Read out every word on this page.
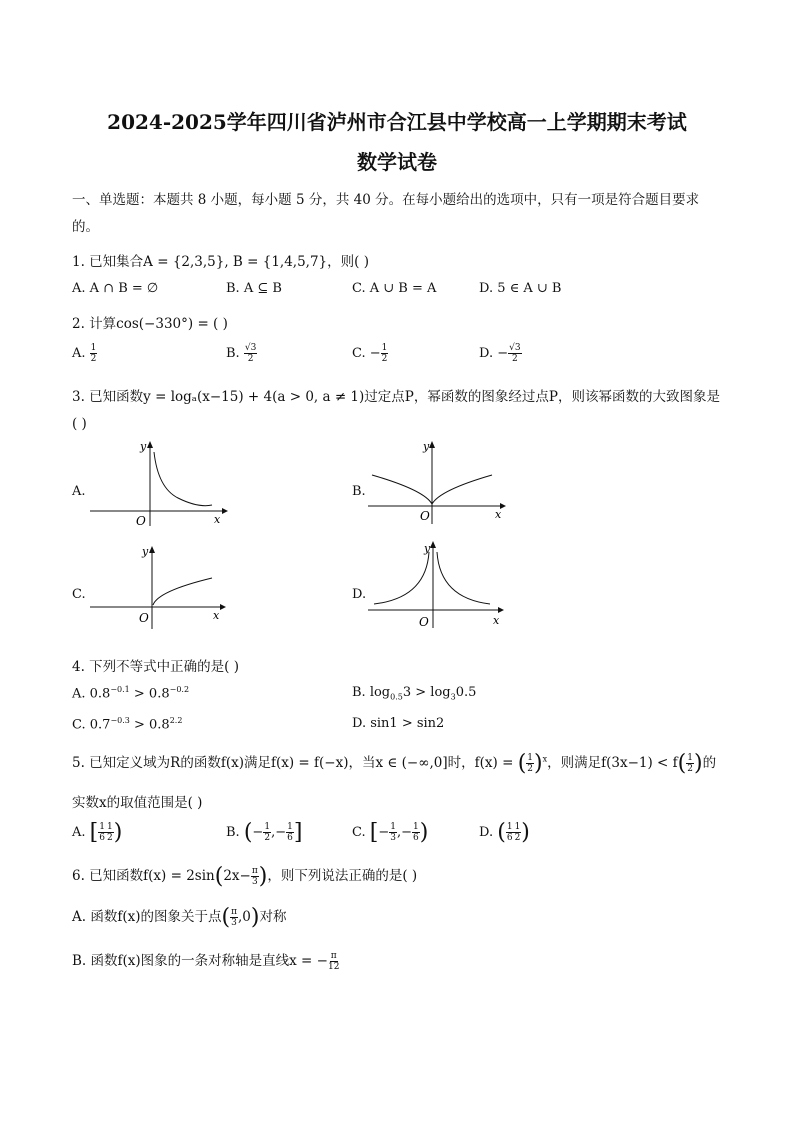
2024-2025学年四川省泸州市合江县中学校高一上学期期末考试
数学试卷
一、单选题：本题共 8 小题，每小题 5 分，共 40 分。在每小题给出的选项中，只有一项是符合题目要求
的。
1. 已知集合A = {2,3,5}, B = {1,4,5,7}，则( )
A. A ∩ B = ∅	B. A ⊆ B	C. A ∪ B = A	D. 5 ∈ A ∪ B
2. 计算cos(−330°) = ( )
A. $\frac{1}{2}$	B. $\frac{√3}{2}$	C. − $\frac{1}{2}$	D. − $\frac{√3}{2}$
3. 已知函数y = logₐ(x−15) + 4(a > 0, a ≠ 1)过定点P，幂函数的图象经过点P，则该幂函数的大致图象是
( )
A.
y
O	x
B.
y
O	x
C.
y
O	x
D.
y
O	x
4. 下列不等式中正确的是( )
A. $0.8^{-0.1} > 0.8^{-0.2}$	B. $\log_{0.5}3 > \log_30.5$
C. $0.7^{-0.3} > 0.8^{2.2}$	D. sin1 > sin2
5. 已知定义域为R的函数f(x)满足f(x) = f(−x)，当x ∈ (−∞,0]时，f(x) = ( $\frac{1}{2} )^x$，则满足$f(3x-1) < f( \frac{1}{2}$ )的
实数x的取值范围是( )
A. [ $\frac{1}{6} \frac{1}{2}$ )	B. (− $\frac{1}{2}$ ,− $\frac{1}{6}$ ]	C. [− $\frac{1}{3}$ ,− $\frac{1}{6}$ )	D. ( $\frac{1}{6} \frac{1}{2}$ )
6. 已知函数$f(x) = 2\sin(2x- \frac{\pi}{3}$ )，则下列说法正确的是( )
A. 函数f(x)的图象关于点( $\frac{\pi}{3} ,0$)对称
B. 函数f(x)图象的一条对称轴是直线x = − $\frac{\pi}{12}$
